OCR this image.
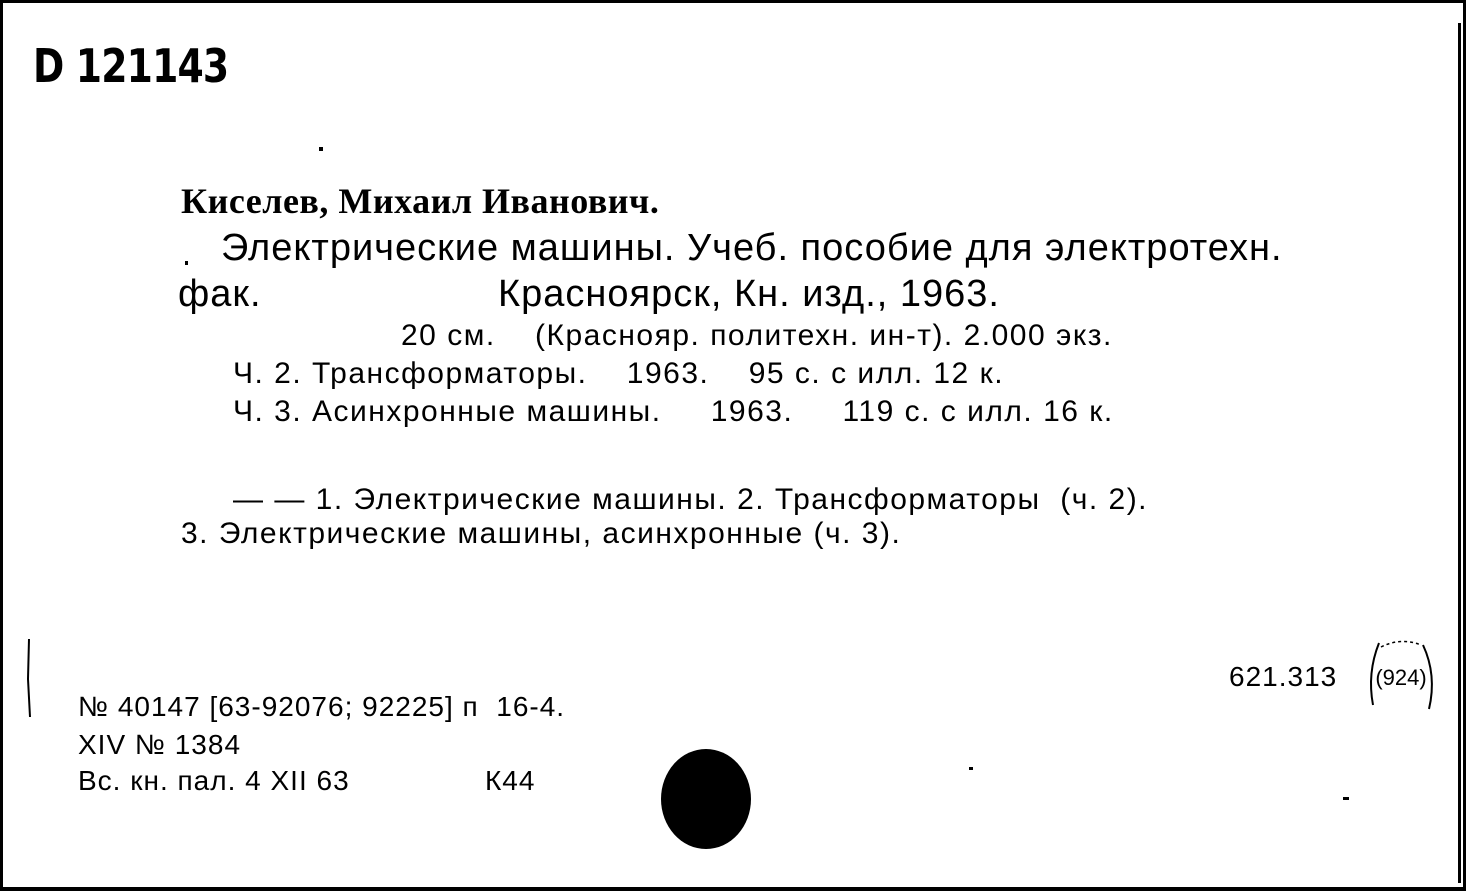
D 121143
Киселев, Михаил Иванович.
Электрические машины. Учеб. пособие для электротехн.
фак.	Красноярск, Кн. изд., 1963.
20 см.    (Краснояр. политехн. ин-т). 2.000 экз.
Ч. 2. Трансформаторы.    1963.    95 с. с илл. 12 к.
Ч. 3. Асинхронные машины.     1963.     119 с. с илл. 16 к.
— — 1. Электрические машины. 2. Трансформаторы  (ч. 2).
3. Электрические машины, асинхронные (ч. 3).
621.313 (924)
№ 40147 [63-92076; 92225] п  16-4.
XIV № 1384
Вс. кн. пал. 4 XII 63	К44
